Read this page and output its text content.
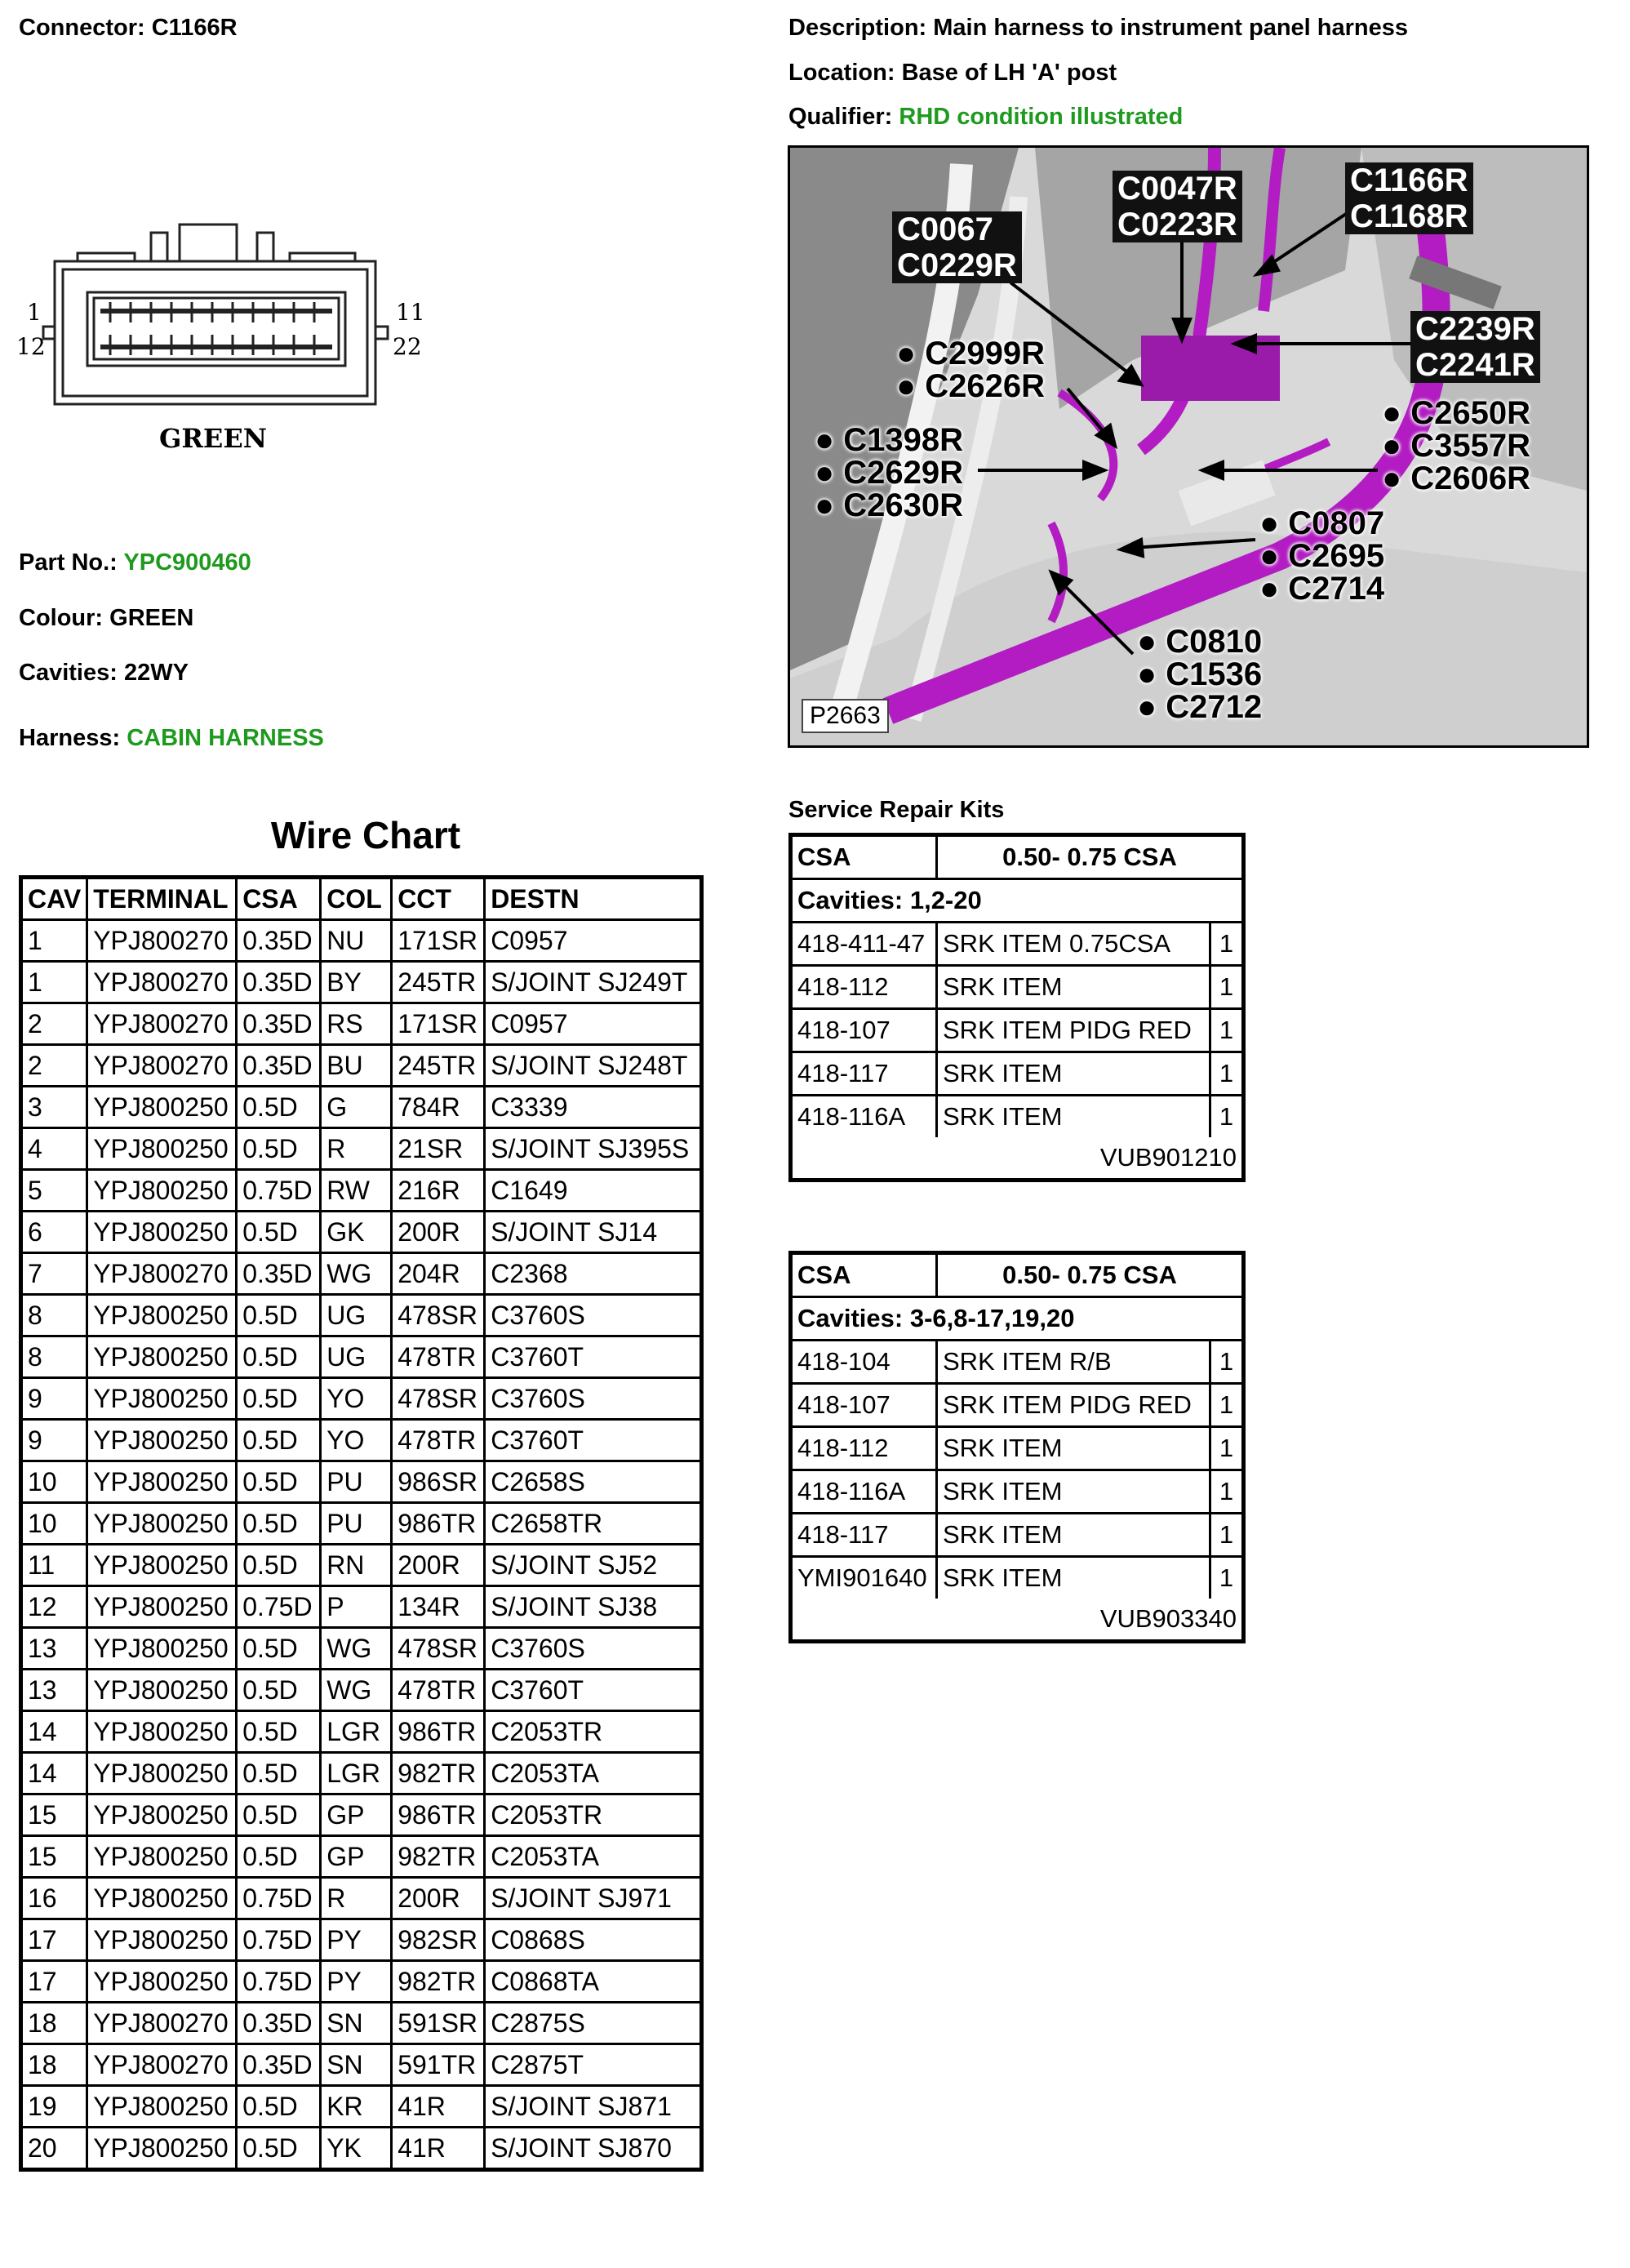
Connector: C1166R	Description: Main harness to instrument panel harness
Location: Base of LH 'A' post
Qualifier: RHD condition illustrated
1
12
11
22
GREEN
Part No.: YPC900460
Colour: GREEN
Cavities: 22WY
Harness: CABIN HARNESS
C0067
C0229R
C0047R
C0223R
C1166R
C1168R
C2239R
C2241R
● C2999R
● C2626R
● C1398R
● C2629R
● C2630R
● C2650R
● C3557R
● C2606R
● C0807
● C2695
● C2714
● C0810
● C1536
● C2712
P2663
Wire Chart
CAV	TERMINAL	CSA	COL	CCT	DESTN
1	YPJ800270	0.35D	NU	171SR	C0957
1	YPJ800270	0.35D	BY	245TR	S/JOINT SJ249T
2	YPJ800270	0.35D	RS	171SR	C0957
2	YPJ800270	0.35D	BU	245TR	S/JOINT SJ248T
3	YPJ800250	0.5D	G	784R	C3339
4	YPJ800250	0.5D	R	21SR	S/JOINT SJ395S
5	YPJ800250	0.75D	RW	216R	C1649
6	YPJ800250	0.5D	GK	200R	S/JOINT SJ14
7	YPJ800270	0.35D	WG	204R	C2368
8	YPJ800250	0.5D	UG	478SR	C3760S
8	YPJ800250	0.5D	UG	478TR	C3760T
9	YPJ800250	0.5D	YO	478SR	C3760S
9	YPJ800250	0.5D	YO	478TR	C3760T
10	YPJ800250	0.5D	PU	986SR	C2658S
10	YPJ800250	0.5D	PU	986TR	C2658TR
11	YPJ800250	0.5D	RN	200R	S/JOINT SJ52
12	YPJ800250	0.75D	P	134R	S/JOINT SJ38
13	YPJ800250	0.5D	WG	478SR	C3760S
13	YPJ800250	0.5D	WG	478TR	C3760T
14	YPJ800250	0.5D	LGR	986TR	C2053TR
14	YPJ800250	0.5D	LGR	982TR	C2053TA
15	YPJ800250	0.5D	GP	986TR	C2053TR
15	YPJ800250	0.5D	GP	982TR	C2053TA
16	YPJ800250	0.75D	R	200R	S/JOINT SJ971
17	YPJ800250	0.75D	PY	982SR	C0868S
17	YPJ800250	0.75D	PY	982TR	C0868TA
18	YPJ800270	0.35D	SN	591SR	C2875S
18	YPJ800270	0.35D	SN	591TR	C2875T
19	YPJ800250	0.5D	KR	41R	S/JOINT SJ871
20	YPJ800250	0.5D	YK	41R	S/JOINT SJ870
Service Repair Kits
CSA	0.50- 0.75 CSA
Cavities: 1,2-20
418-411-47 SRK ITEM 0.75CSA	1
418-112	SRK ITEM	1
418-107	SRK ITEM PIDG RED	1
418-117	SRK ITEM	1
418-116A	SRK ITEM	1
VUB901210
CSA	0.50- 0.75 CSA
Cavities: 3-6,8-17,19,20
418-104	SRK ITEM R/B	1
418-107	SRK ITEM PIDG RED	1
418-112	SRK ITEM	1
418-116A	SRK ITEM	1
418-117	SRK ITEM	1
YMI901640 SRK ITEM	1
VUB903340
